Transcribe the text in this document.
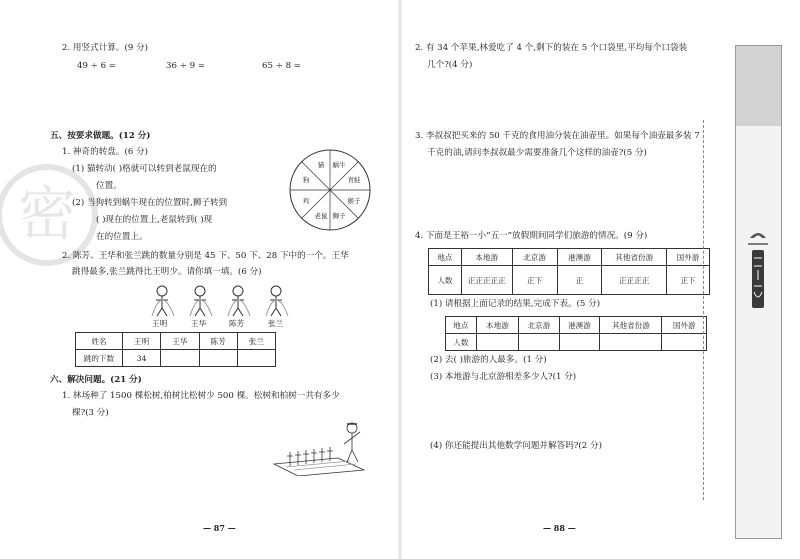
密
2. 用竖式计算。(9 分)
49 ÷ 6 =	36 ÷ 9 =	65 ÷ 8 =
五、按要求做题。(12 分)
1. 神奇的转盘。(6 分)
(1) 猫转动( )格就可以转到老鼠现在的
位置。
(2) 当狗转到蜗牛现在的位置时,狮子转到
( )现在的位置上,老鼠转到( )现
在的位置上。
蜗牛
青蛙
猴子
狮子
老鼠
鸡
狗
猫
2. 陈芳、王华和张兰跳的数量分别是 45 下、50 下、28 下中的一个。王华
跳得最多,张兰跳得比王明少。请你填一填。(6 分)
王明	王华	陈芳	张兰
姓名	王明	王华	陈芳	张兰
跳的下数	34			
六、解决问题。(21 分)
1. 林场种了 1500 棵松树,柏树比松树少 500 棵。松树和柏树一共有多少
棵?(3 分)
— 87 —
2. 有 34 个苹果,林爱吃了 4 个,剩下的装在 5 个口袋里,平均每个口袋装
几个?(4 分)
3. 李叔叔把买来的 50 千克的食用油分装在油壶里。如果每个油壶最多装 7
千克的油,请问李叔叔最少需要准备几个这样的油壶?(5 分)
4. 下面是王裕一小“五一”放假期间同学们旅游的情况。(9 分)
地点	本地游	北京游	港澳游	其他省份游	国外游
人数	正正正正正	正下	正	正正正正	正下
(1) 请根据上面记录的结果,完成下表。(5 分)
地点	本地游	北京游	港澳游	其他省份游	国外游
人数					
(2) 去( )旅游的人最多。(1 分)
(3) 本地游与北京游相差多少人?(1 分)
(4) 你还能提出其他数学问题并解答吗?(2 分)
— 88 —
